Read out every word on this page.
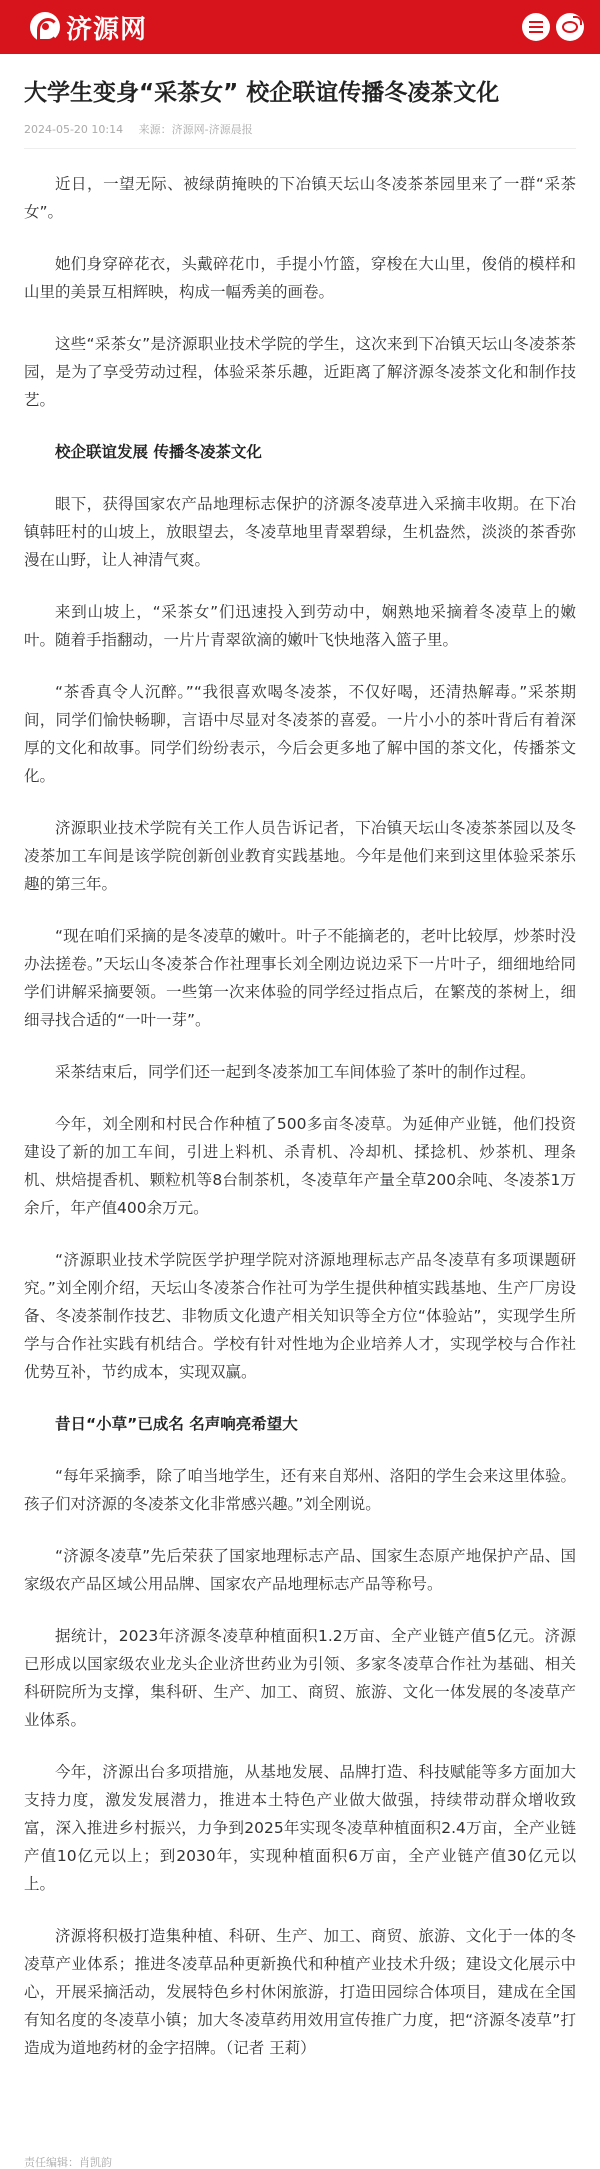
济源网
大学生变身“采茶女” 校企联谊传播冬凌茶文化
2024-05-20 10:14 来源：济源网-济源晨报

近日，一望无际、被绿荫掩映的下冶镇天坛山冬凌茶茶园里来了一群“采茶女”。

她们身穿碎花衣，头戴碎花巾，手提小竹篮，穿梭在大山里，俊俏的模样和山里的美景互相辉映，构成一幅秀美的画卷。

这些“采茶女”是济源职业技术学院的学生，这次来到下冶镇天坛山冬凌茶茶园，是为了享受劳动过程，体验采茶乐趣，近距离了解济源冬凌茶文化和制作技艺。

校企联谊发展 传播冬凌茶文化

眼下，获得国家农产品地理标志保护的济源冬凌草进入采摘丰收期。在下冶镇韩旺村的山坡上，放眼望去，冬凌草地里青翠碧绿，生机盎然，淡淡的茶香弥漫在山野，让人神清气爽。

来到山坡上，“采茶女”们迅速投入到劳动中，娴熟地采摘着冬凌草上的嫩叶。随着手指翻动，一片片青翠欲滴的嫩叶飞快地落入篮子里。

“茶香真令人沉醉。”“我很喜欢喝冬凌茶，不仅好喝，还清热解毒。”采茶期间，同学们愉快畅聊，言语中尽显对冬凌茶的喜爱。一片小小的茶叶背后有着深厚的文化和故事。同学们纷纷表示，今后会更多地了解中国的茶文化，传播茶文化。

济源职业技术学院有关工作人员告诉记者，下冶镇天坛山冬凌茶茶园以及冬凌茶加工车间是该学院创新创业教育实践基地。今年是他们来到这里体验采茶乐趣的第三年。

“现在咱们采摘的是冬凌草的嫩叶。叶子不能摘老的，老叶比较厚，炒茶时没办法搓卷。”天坛山冬凌茶合作社理事长刘全刚边说边采下一片叶子，细细地给同学们讲解采摘要领。一些第一次来体验的同学经过指点后，在繁茂的茶树上，细细寻找合适的“一叶一芽”。

采茶结束后，同学们还一起到冬凌茶加工车间体验了茶叶的制作过程。

今年，刘全刚和村民合作种植了500多亩冬凌草。为延伸产业链，他们投资建设了新的加工车间，引进上料机、杀青机、冷却机、揉捻机、炒茶机、理条机、烘焙提香机、颗粒机等8台制茶机，冬凌草年产量全草200余吨、冬凌茶1万余斤，年产值400余万元。

“济源职业技术学院医学护理学院对济源地理标志产品冬凌草有多项课题研究。”刘全刚介绍，天坛山冬凌茶合作社可为学生提供种植实践基地、生产厂房设备、冬凌茶制作技艺、非物质文化遗产相关知识等全方位“体验站”，实现学生所学与合作社实践有机结合。学校有针对性地为企业培养人才，实现学校与合作社优势互补，节约成本，实现双赢。

昔日“小草”已成名 名声响亮希望大

“每年采摘季，除了咱当地学生，还有来自郑州、洛阳的学生会来这里体验。孩子们对济源的冬凌茶文化非常感兴趣。”刘全刚说。

“济源冬凌草”先后荣获了国家地理标志产品、国家生态原产地保护产品、国家级农产品区域公用品牌、国家农产品地理标志产品等称号。

据统计，2023年济源冬凌草种植面积1.2万亩、全产业链产值5亿元。济源已形成以国家级农业龙头企业济世药业为引领、多家冬凌草合作社为基础、相关科研院所为支撑，集科研、生产、加工、商贸、旅游、文化一体发展的冬凌草产业体系。

今年，济源出台多项措施，从基地发展、品牌打造、科技赋能等多方面加大支持力度，激发发展潜力，推进本土特色产业做大做强，持续带动群众增收致富，深入推进乡村振兴，力争到2025年实现冬凌草种植面积2.4万亩，全产业链产值10亿元以上；到2030年，实现种植面积6万亩，全产业链产值30亿元以上。

济源将积极打造集种植、科研、生产、加工、商贸、旅游、文化于一体的冬凌草产业体系；推进冬凌草品种更新换代和种植产业技术升级；建设文化展示中心，开展采摘活动，发展特色乡村休闲旅游，打造田园综合体项目，建成在全国有知名度的冬凌草小镇；加大冬凌草药用效用宣传推广力度，把“济源冬凌草”打造成为道地药材的金字招牌。（记者 王莉）

责任编辑：肖凯韵
